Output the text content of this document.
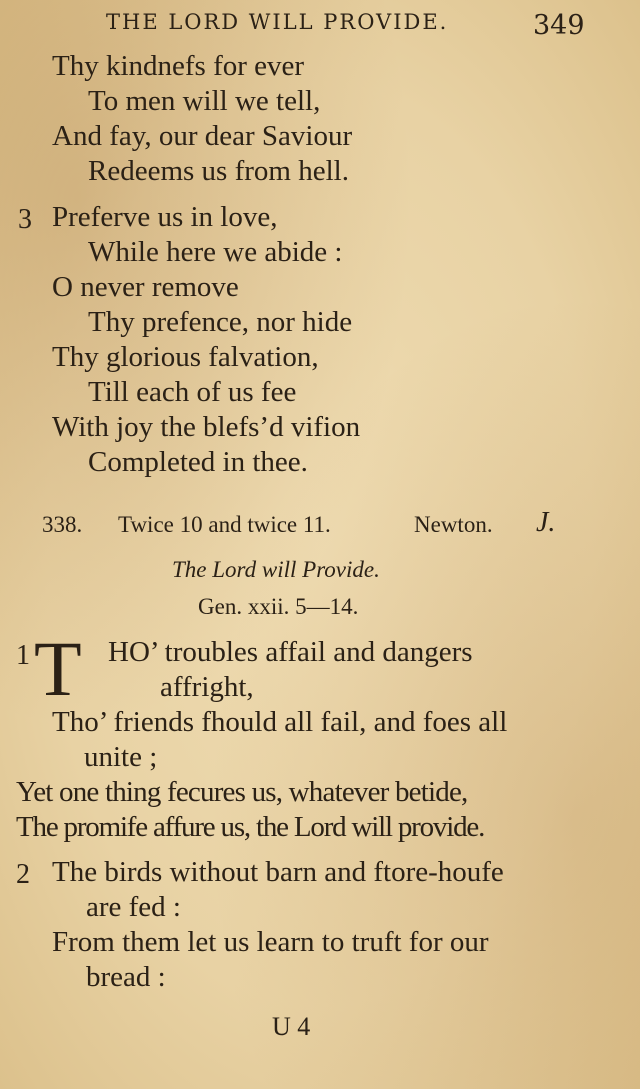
THE LORD WILL PROVIDE.	349
Thy kindnefs for ever
To men will we tell,
And fay, our dear Saviour
Redeems us from hell.
3 Preferve us in love,
While here we abide :
O never remove
Thy prefence, nor hide
Thy glorious falvation,
Till each of us fee
With joy the blefs’d vifion
Completed in thee.
338. Twice 10 and twice 11.	Newton. J.
The Lord will Provide.
Gen. xxii. 5—14.
1 T HO’ troubles affail and dangers
affright,
Tho’ friends fhould all fail, and foes all
unite ;
Yet one thing fecures us, whatever betide,
The promife affure us, the Lord will provide.
2 The birds without barn and ftore-houfe
are fed :
From them let us learn to truft for our
bread :
U 4
